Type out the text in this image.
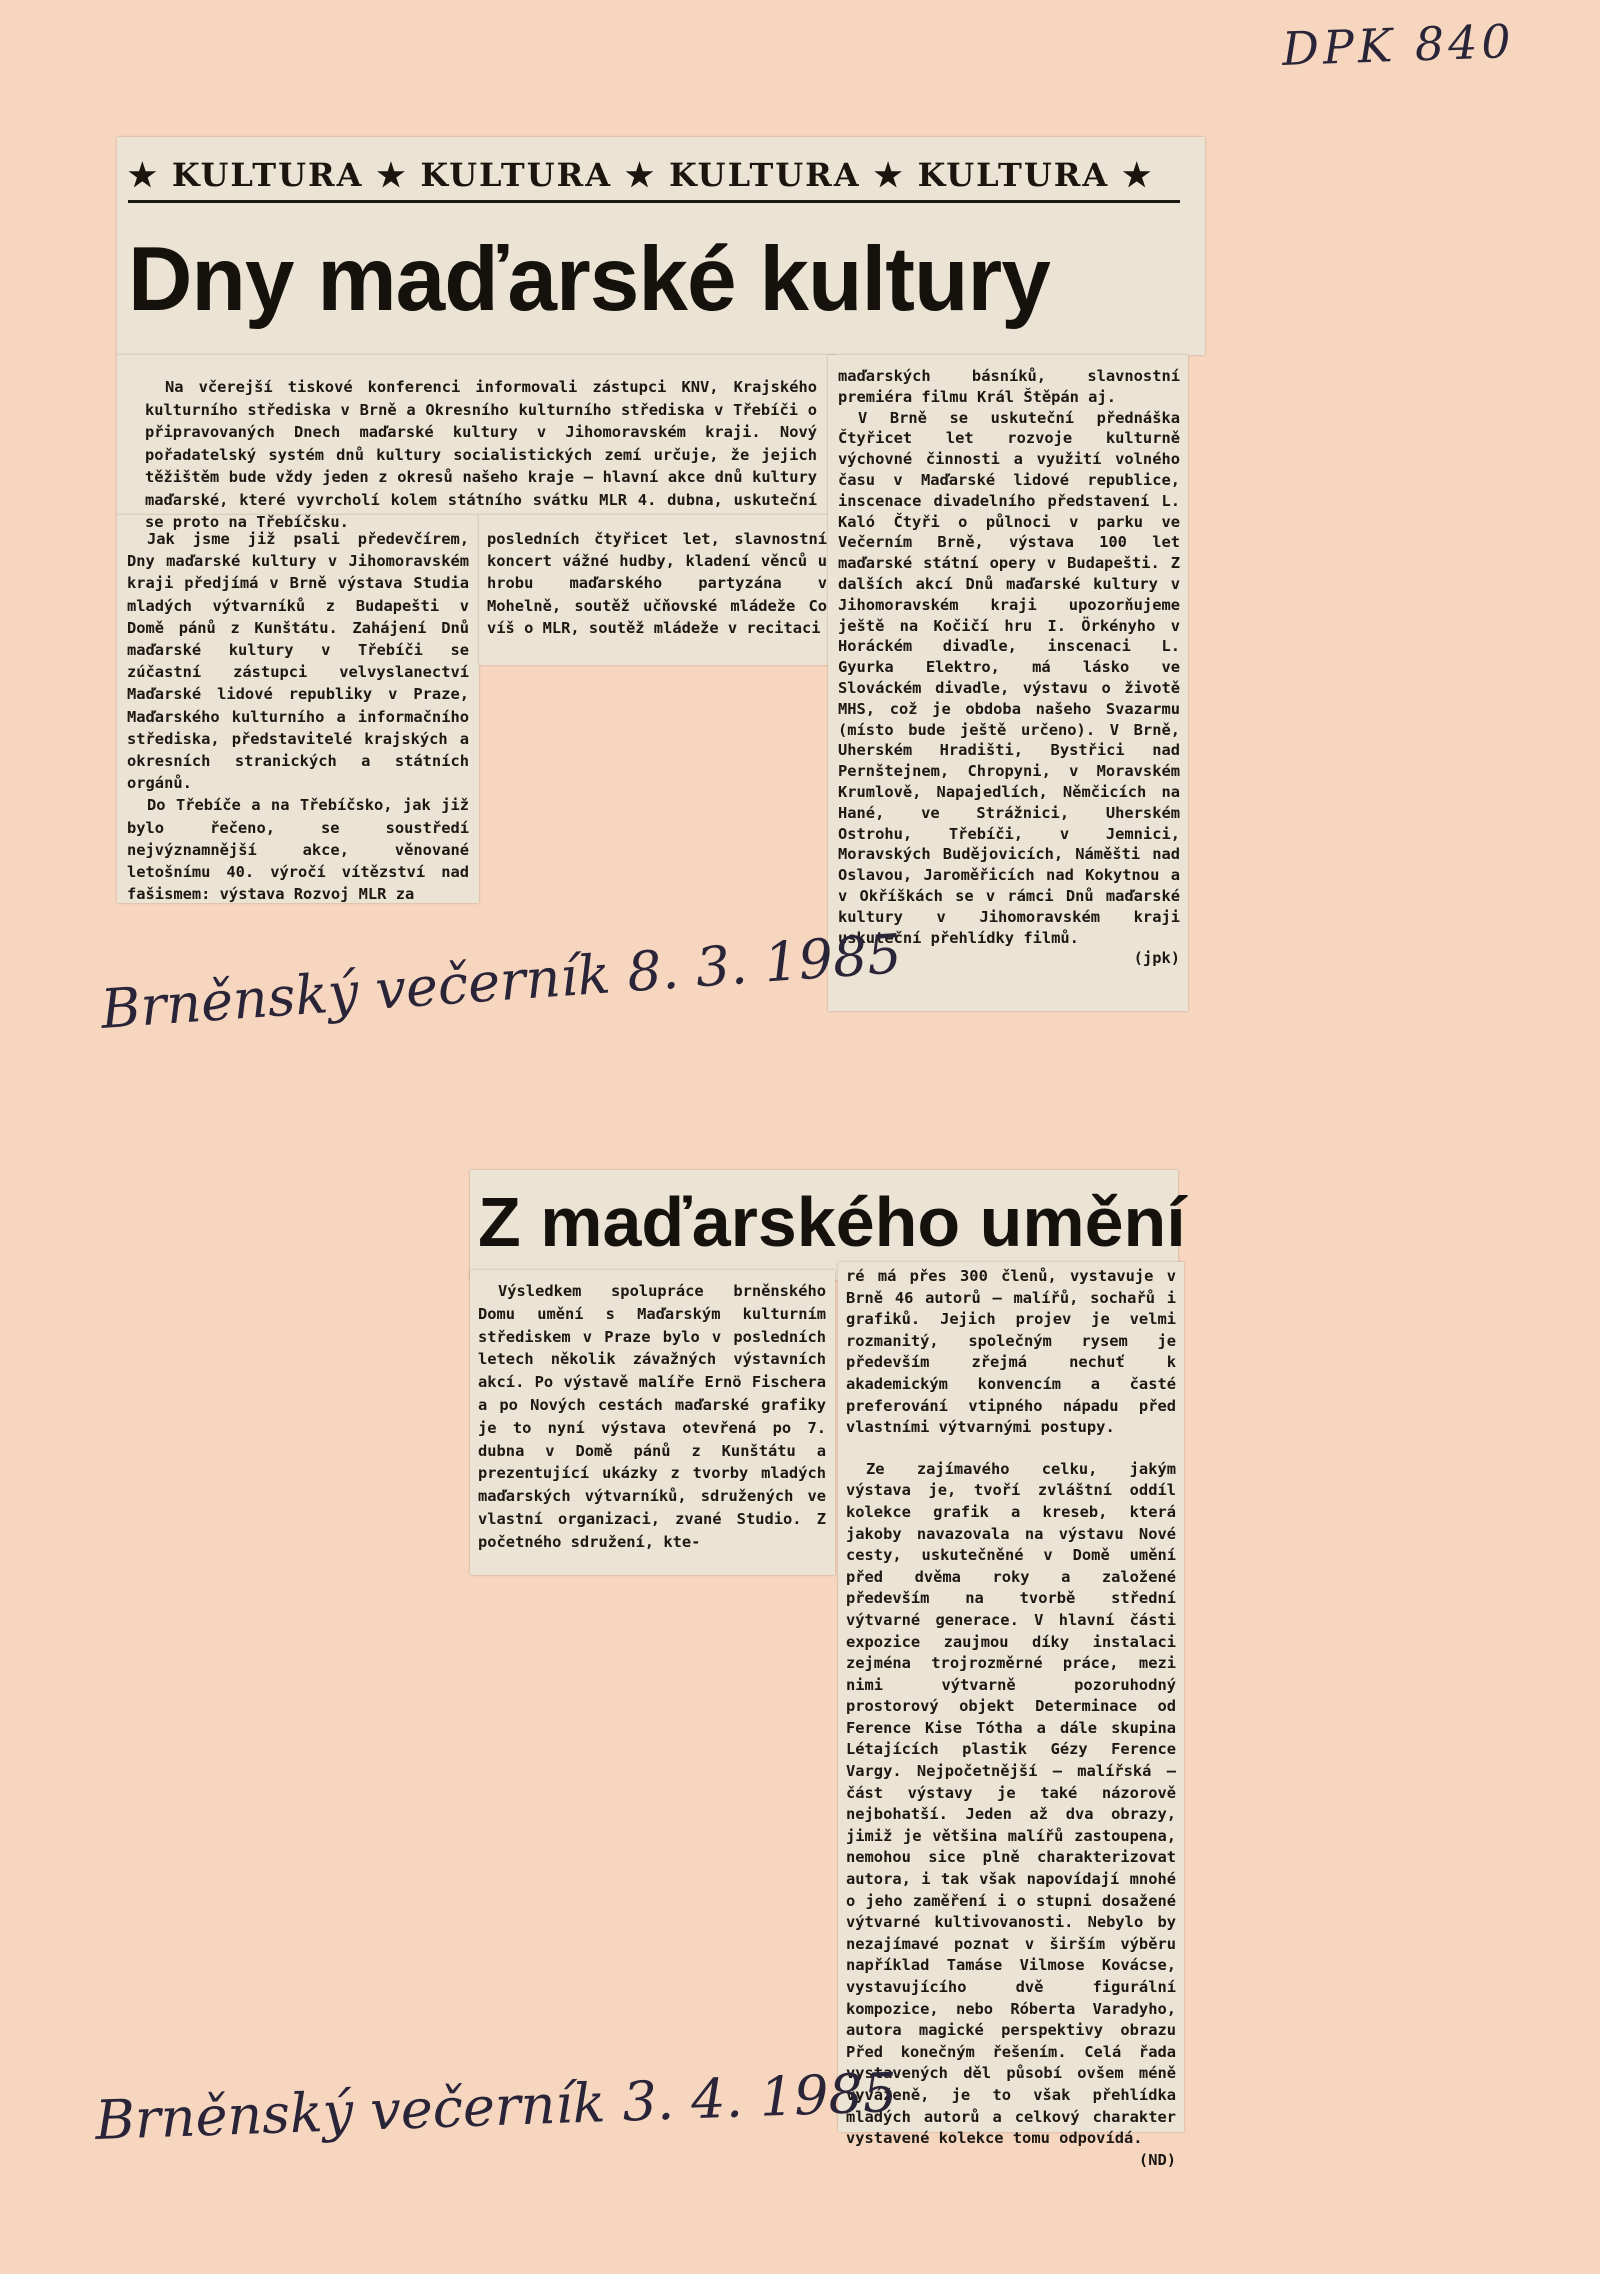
DPK 840
★ KULTURA ★ KULTURA ★ KULTURA ★ KULTURA ★
Dny maďarské kultury

Na včerejší tiskové konferenci informovali zástupci KNV, Krajského kulturního střediska v Brně a Okresního kulturního střediska v Třebíči o připravovaných Dnech maďarské kultury v Jihomoravském kraji. Nový pořadatelský systém dnů kultury socialistických zemí určuje, že jejich těžištěm bude vždy jeden z okresů našeho kraje — hlavní akce dnů kultury maďarské, které vyvrcholí kolem státního svátku MLR 4. dubna, uskuteční se proto na Třebíčsku.

Jak jsme již psali předevčírem, Dny maďarské kultury v Jihomoravském kraji předjímá v Brně výstava Studia mladých výtvarníků z Budapešti v Domě pánů z Kunštátu. Zahájení Dnů maďarské kultury v Třebíči se zúčastní zástupci velvyslanectví Maďarské lidové republiky v Praze, Maďarského kulturního a informačního střediska, představitelé krajských a okresních stranických a státních orgánů.

Do Třebíče a na Třebíčsko, jak již bylo řečeno, se soustředí nejvýznamnější akce, věnované letošnímu 40. výročí vítězství nad fašismem: výstava Rozvoj MLR za

posledních čtyřicet let, slavnostní koncert vážné hudby, kladení věnců u hrobu maďarského partyzána v Mohelně, soutěž učňovské mládeže Co víš o MLR, soutěž mládeže v recitaci

maďarských básníků, slavnostní premiéra filmu Král Štěpán aj.

V Brně se uskuteční přednáška Čtyřicet let rozvoje kulturně výchovné činnosti a využití volného času v Maďarské lidové republice, inscenace divadelního představení L. Kaló Čtyři o půlnoci v parku ve Večerním Brně, výstava 100 let maďarské státní opery v Budapešti. Z dalších akcí Dnů maďarské kultury v Jihomoravském kraji upozorňujeme ještě na Kočičí hru I. Örkényho v Horáckém divadle, inscenaci L. Gyurka Elektro, má lásko ve Slováckém divadle, výstavu o životě MHS, což je obdoba našeho Svazarmu (místo bude ještě určeno). V Brně, Uherském Hradišti, Bystřici nad Pernštejnem, Chropyni, v Moravském Krumlově, Napajedlích, Němčicích na Hané, ve Strážnici, Uherském Ostrohu, Třebíči, v Jemnici, Moravských Budějovicích, Náměšti nad Oslavou, Jaroměřicích nad Kokytnou a v Okříškách se v rámci Dnů maďarské kultury v Jihomoravském kraji uskuteční přehlídky filmů.

(jpk)
Brněnský večerník 8. 3. 1985
Z maďarského umění

Výsledkem spolupráce brněnského Domu umění s Maďarským kulturním střediskem v Praze bylo v posledních letech několik závažných výstavních akcí. Po výstavě malíře Ernö Fischera a po Nových cestách maďarské grafiky je to nyní výstava otevřená po 7. dubna v Domě pánů z Kunštátu a prezentující ukázky z tvorby mladých maďarských výtvarníků, sdružených ve vlastní organizaci, zvané Studio. Z početného sdružení, kte-

ré má přes 300 členů, vystavuje v Brně 46 autorů — malířů, sochařů i grafiků. Jejich projev je velmi rozmanitý, společným rysem je především zřejmá nechuť k akademickým konvencím a časté preferování vtipného nápadu před vlastními výtvarnými postupy.

Ze zajímavého celku, jakým výstava je, tvoří zvláštní oddíl kolekce grafik a kreseb, která jakoby navazovala na výstavu Nové cesty, uskutečněné v Domě umění před dvěma roky a založené především na tvorbě střední výtvarné generace. V hlavní části expozice zaujmou díky instalaci zejména trojrozměrné práce, mezi nimi výtvarně pozoruhodný prostorový objekt Determinace od Ference Kise Tótha a dále skupina Létajících plastik Gézy Ference Vargy. Nejpočetnější — malířská — část výstavy je také názorově nejbohatší. Jeden až dva obrazy, jimiž je většina malířů zastoupena, nemohou sice plně charakterizovat autora, i tak však napovídají mnohé o jeho zaměření i o stupni dosažené výtvarné kultivovanosti. Nebylo by nezajímavé poznat v širším výběru například Tamáse Vilmose Kovácse, vystavujícího dvě figurální kompozice, nebo Róberta Varadyho, autora magické perspektivy obrazu Před konečným řešením. Celá řada vystavených děl působí ovšem méně vyváženě, je to však přehlídka mladých autorů a celkový charakter vystavené kolekce tomu odpovídá.

(ND)
Brněnský večerník 3. 4. 1985
